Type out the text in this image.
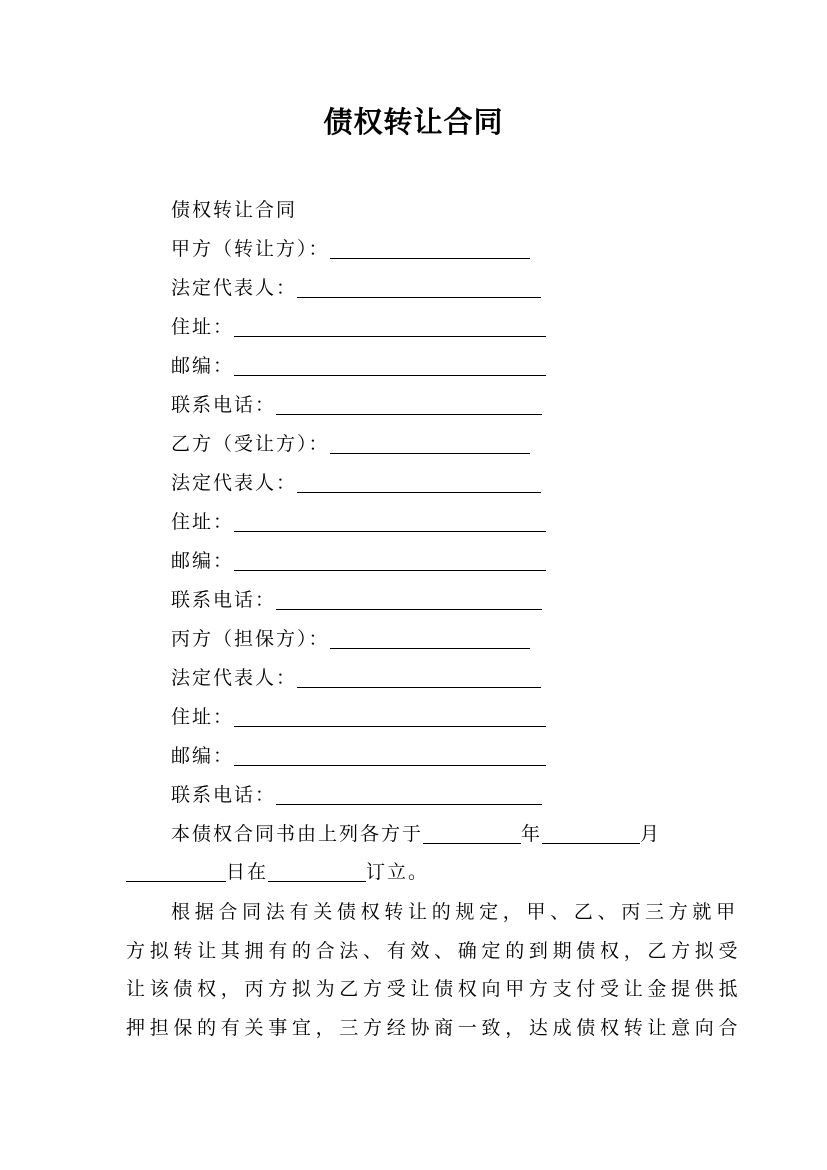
债权转让合同
债权转让合同
甲方（转让方）：
法定代表人：
住址：
邮编：
联系电话：
乙方（受让方）：
法定代表人：
住址：
邮编：
联系电话：
丙方（担保方）：
法定代表人：
住址：
邮编：
联系电话：
本债权合同书由上列各方于	年	月
日在	订立。
根据合同法有关债权转让的规定，甲、乙、丙三方就甲
方拟转让其拥有的合法、有效、确定的到期债权，乙方拟受
让该债权，丙方拟为乙方受让债权向甲方支付受让金提供抵
押担保的有关事宜，三方经协商一致，达成债权转让意向合
